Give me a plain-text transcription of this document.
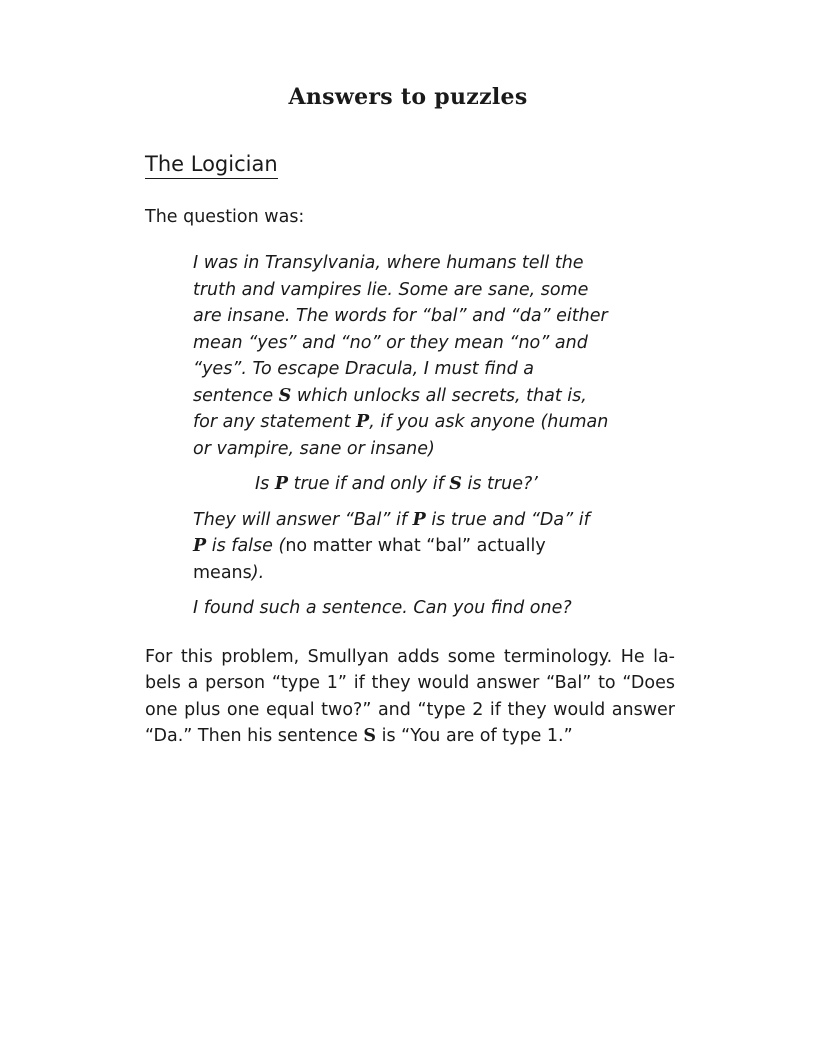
Answers to puzzles
The Logician

The question was:

I was in Transylvania, where humans tell the

truth and vampires lie. Some are sane, some

are insane. The words for “bal” and “da” either

mean “yes” and “no” or they mean “no” and

“yes”. To escape Dracula, I must find a

sentence S which unlocks all secrets, that is,

for any statement P, if you ask anyone (human

or vampire, sane or insane)

Is P true if and only if S is true?’

They will answer “Bal” if P is true and “Da” if

P is false (no matter what “bal” actually

means).

I found such a sentence. Can you find one?

For this problem, Smullyan adds some terminology. He la-
bels a person “type 1” if they would answer “Bal” to “Does
one plus one equal two?” and “type 2 if they would answer
“Da.” Then his sentence S is “You are of type 1.”
